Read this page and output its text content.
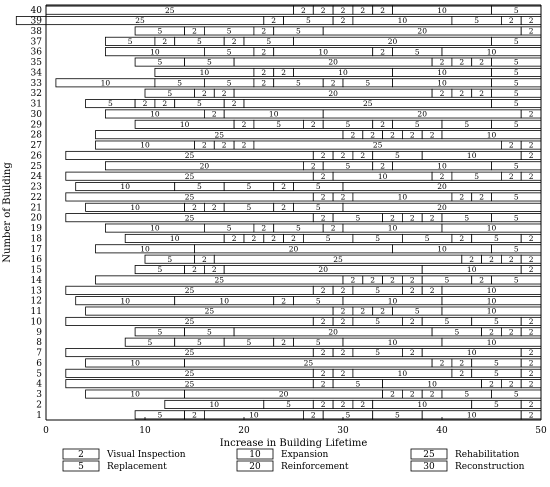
25	2 2 2 2 2	10	5
25	2	5	2	10	5	2 2
5	2	5	2	5	20	2
5	2	5	2	5	20	5
10	5	2	10	2	5	10
5	5	20	2 2 2	5
10	2 2	10	10	5
10	5	5	2	5	2	5	10	5
5	2 2	20	2 2 2	5
5	2 2	5	2	25	5
10	2	10	20	2
10	2	5	2	5	2	5	5	5
25	2 2 2 2 2	10
10	2 2 2	25	2 2
25	2 2 2	5	10	2
20	2	5	2	10	5
25	2	10	2	5	2 2
10	5	5	2	5	20
25	2 2	10	2 2	5
10	2 2	5	2	5	20
25	2	5	2 2 2	5	5
10	5	2	5	2	10	10
10	2 2 2 2	5	5	5	2	5	2
10	20	10	5
5	2	25	2 2 2 2
5	2 2	20	10	2
25	2 2 2 2	5	2	5
25	2 2	5	2 2	10
10	10	2	5	10	10
25	2 2 2	5	10
25	2 2	5	2	5	5	2
5	5	20	5	2 2 2
5	5	5	2	5	10	10
25	2 2	5	2	10	2
10	25	2 2	5	2
25	2 2	10	2	5	2
25	2	5	10	2 2 2
10	20	2 2 2	5	5
10	5	2 2 2	10	5	2
5	2	10	2	5	5	10	2
0	10	20	30	40	50
40
39
38
37
36
35
34
33
32
31
30
29
28
27
26
25
24
23
22
21
20
19
18
17
16
15
14
13
12
11
10
9
8
7
6
5
4
3
2
1
Increase in Building Lifetime
Number of Building
2	Visual Inspection	10 Expansion	25 Rehabilitation
5	Replacement	20 Reinforcement	30 Reconstruction
